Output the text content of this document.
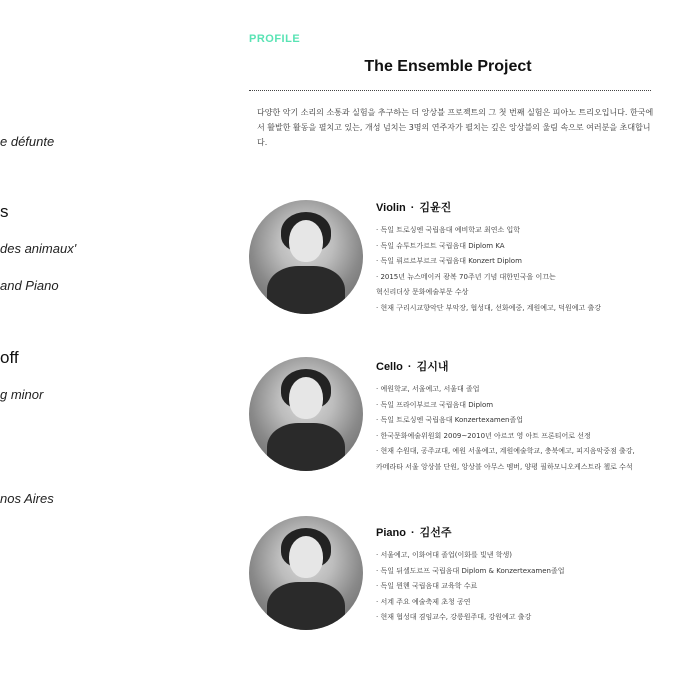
e défunte
s
des animaux'
and Piano
off
g minor
nos Aires
PROFILE
The Ensemble Project
다양한 악기 소리의 소통과 실험을 추구하는 더 앙상블 프로젝트의 그 첫 번째 실험은 피아노 트리오입니다. 한국에서 활발한 활동을 펼치고 있는, 개성 넘치는 3명의 연주자가 펼치는 깊은 앙상블의 울림 속으로 여러분을 초대합니다.
Violin · 김윤진
· 독일 트로싱엔 국립음대 예비학교 최연소 입학
· 독일 슈투트가르트 국립음대 Diplom KA
· 독일 뤼르르부르크 국립음대 Konzert Diplom
· 2015년 뉴스메이커 광복 70주년 기념 대한민국을 이끄는
혁신리더상 문화예술부문 수상
· 현재 구리시교향악단 부악장, 협성대, 선화예중, 계원예고, 덕원예고 출강
Cello · 김시내
· 예원학교, 서울예고, 서울대 졸업
· 독일 프라이부르크 국립음대 Diplom
· 독일 트로싱엔 국립음대 Konzertexamen졸업
· 한국문화예술위원회 2009~2010년 아르코 영 아트 프론티어로 선정
· 현재 수원대, 공주교대, 예원 서울예고, 계원예술학교, 충북예고, 피지음악중점 출강,
카메라타 서울 앙상블 단원, 앙상블 아무스 멤버, 양평 필하모니오케스트라 첼로 수석
Piano · 김선주
· 서울예고, 이화여대 졸업(이화를 빛낸 학생)
· 독일 뒤셀도르프 국립음대 Diplom & Konzertexamen졸업
· 독일 뮌헨 국립음대 교육학 수료
· 서계 주요 예술축제 초청 공연
· 현재 협성대 겸임교수, 강릉원주대, 강원예고 출강
